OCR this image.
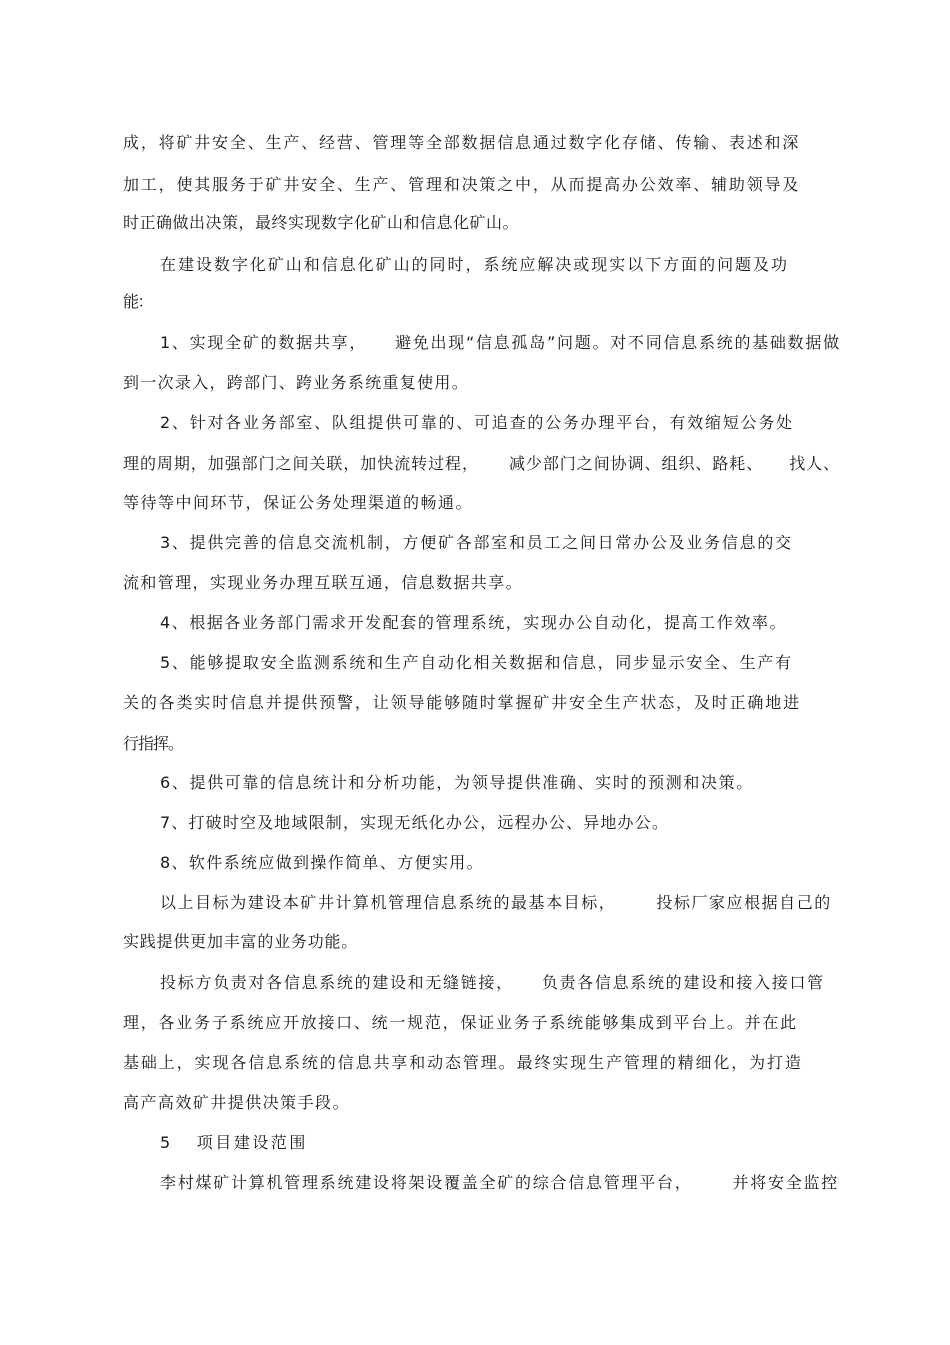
成，将矿井安全、生产、经营、管理等全部数据信息通过数字化存储、传输、表述和深
加工，使其服务于矿井安全、生产、管理和决策之中，从而提高办公效率、辅助领导及
时正确做出决策，最终实现数字化矿山和信息化矿山。
在建设数字化矿山和信息化矿山的同时，系统应解决或现实以下方面的问题及功
能：
1、实现全矿的数据共享， 避免出现“信息孤岛”问题。对不同信息系统的基础数据做
到一次录入，跨部门、跨业务系统重复使用。
2、针对各业务部室、队组提供可靠的、可追查的公务办理平台，有效缩短公务处
理的周期，加强部门之间关联，加快流转过程， 减少部门之间协调、组织、路耗、 找人、
等待等中间环节，保证公务处理渠道的畅通。
3、提供完善的信息交流机制，方便矿各部室和员工之间日常办公及业务信息的交
流和管理，实现业务办理互联互通，信息数据共享。
4、根据各业务部门需求开发配套的管理系统，实现办公自动化，提高工作效率。
5、能够提取安全监测系统和生产自动化相关数据和信息，同步显示安全、生产有
关的各类实时信息并提供预警，让领导能够随时掌握矿井安全生产状态，及时正确地进
行指挥。
6、提供可靠的信息统计和分析功能，为领导提供准确、实时的预测和决策。
7、打破时空及地域限制，实现无纸化办公，远程办公、异地办公。
8、软件系统应做到操作简单、方便实用。
以上目标为建设本矿井计算机管理信息系统的最基本目标，	投标厂家应根据自己的
实践提供更加丰富的业务功能。
投标方负责对各信息系统的建设和无缝链接， 负责各信息系统的建设和接入接口管
理，各业务子系统应开放接口、统一规范，保证业务子系统能够集成到平台上。并在此
基础上，实现各信息系统的信息共享和动态管理。最终实现生产管理的精细化，为打造
高产高效矿井提供决策手段。
5 项目建设范围
李村煤矿计算机管理系统建设将架设覆盖全矿的综合信息管理平台，	并将安全监控
